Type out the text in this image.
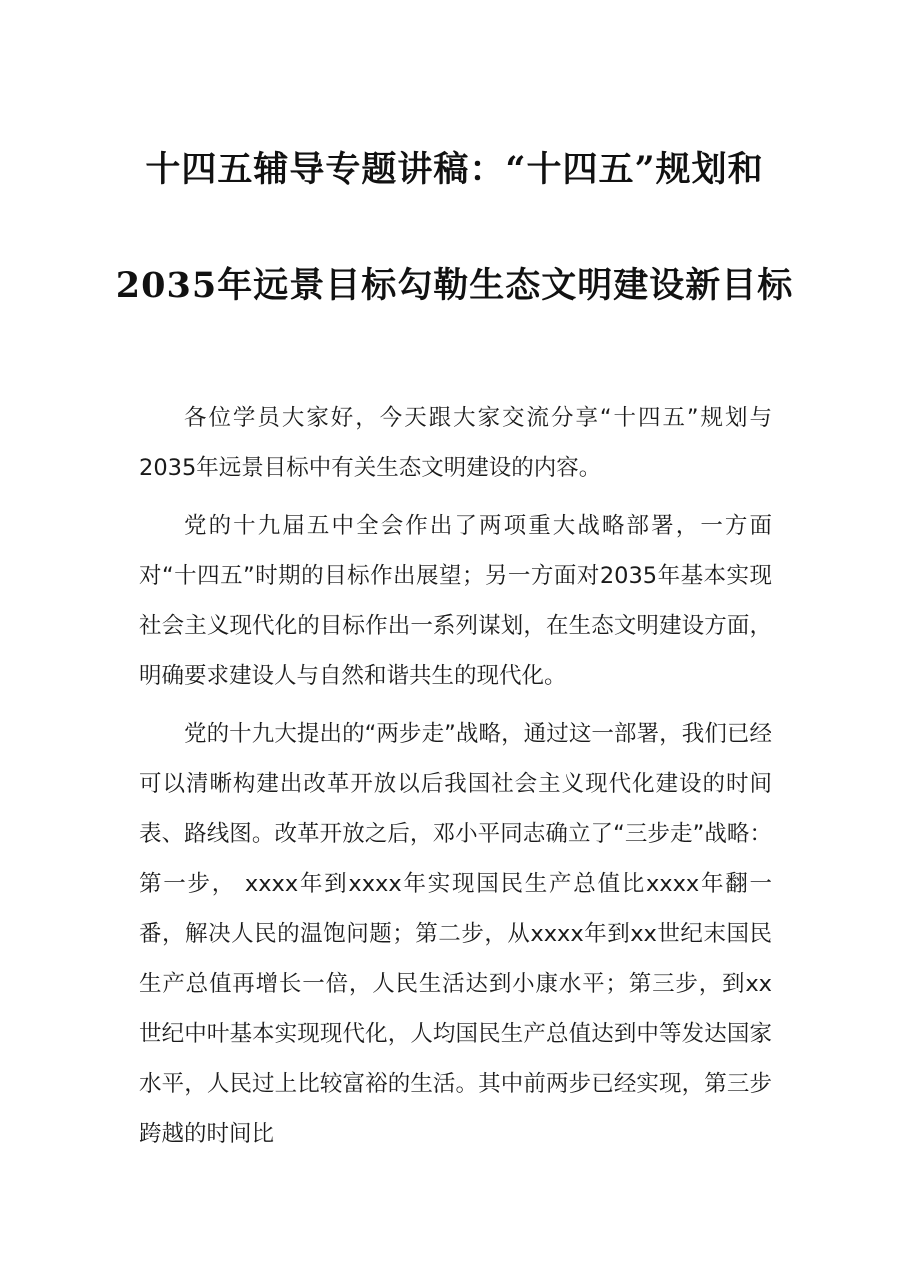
十四五辅导专题讲稿：“十四五”规划和
2035年远景目标勾勒生态文明建设新目标

各位学员大家好，今天跟大家交流分享“十四五”规划与2035年远景目标中有关生态文明建设的内容。

党的十九届五中全会作出了两项重大战略部署，一方面对“十四五”时期的目标作出展望；另一方面对2035年基本实现社会主义现代化的目标作出一系列谋划，在生态文明建设方面，明确要求建设人与自然和谐共生的现代化。

党的十九大提出的“两步走”战略，通过这一部署，我们已经可以清晰构建出改革开放以后我国社会主义现代化建设的时间表、路线图。改革开放之后，邓小平同志确立了“三步走”战略：第一步， xxxx年到xxxx年实现国民生产总值比xxxx年翻一番，解决人民的温饱问题；第二步，从xxxx年到xx世纪末国民生产总值再增长一倍，人民生活达到小康水平；第三步，到xx世纪中叶基本实现现代化，人均国民生产总值达到中等发达国家水平，人民过上比较富裕的生活。其中前两步已经实现，第三步跨越的时间比
